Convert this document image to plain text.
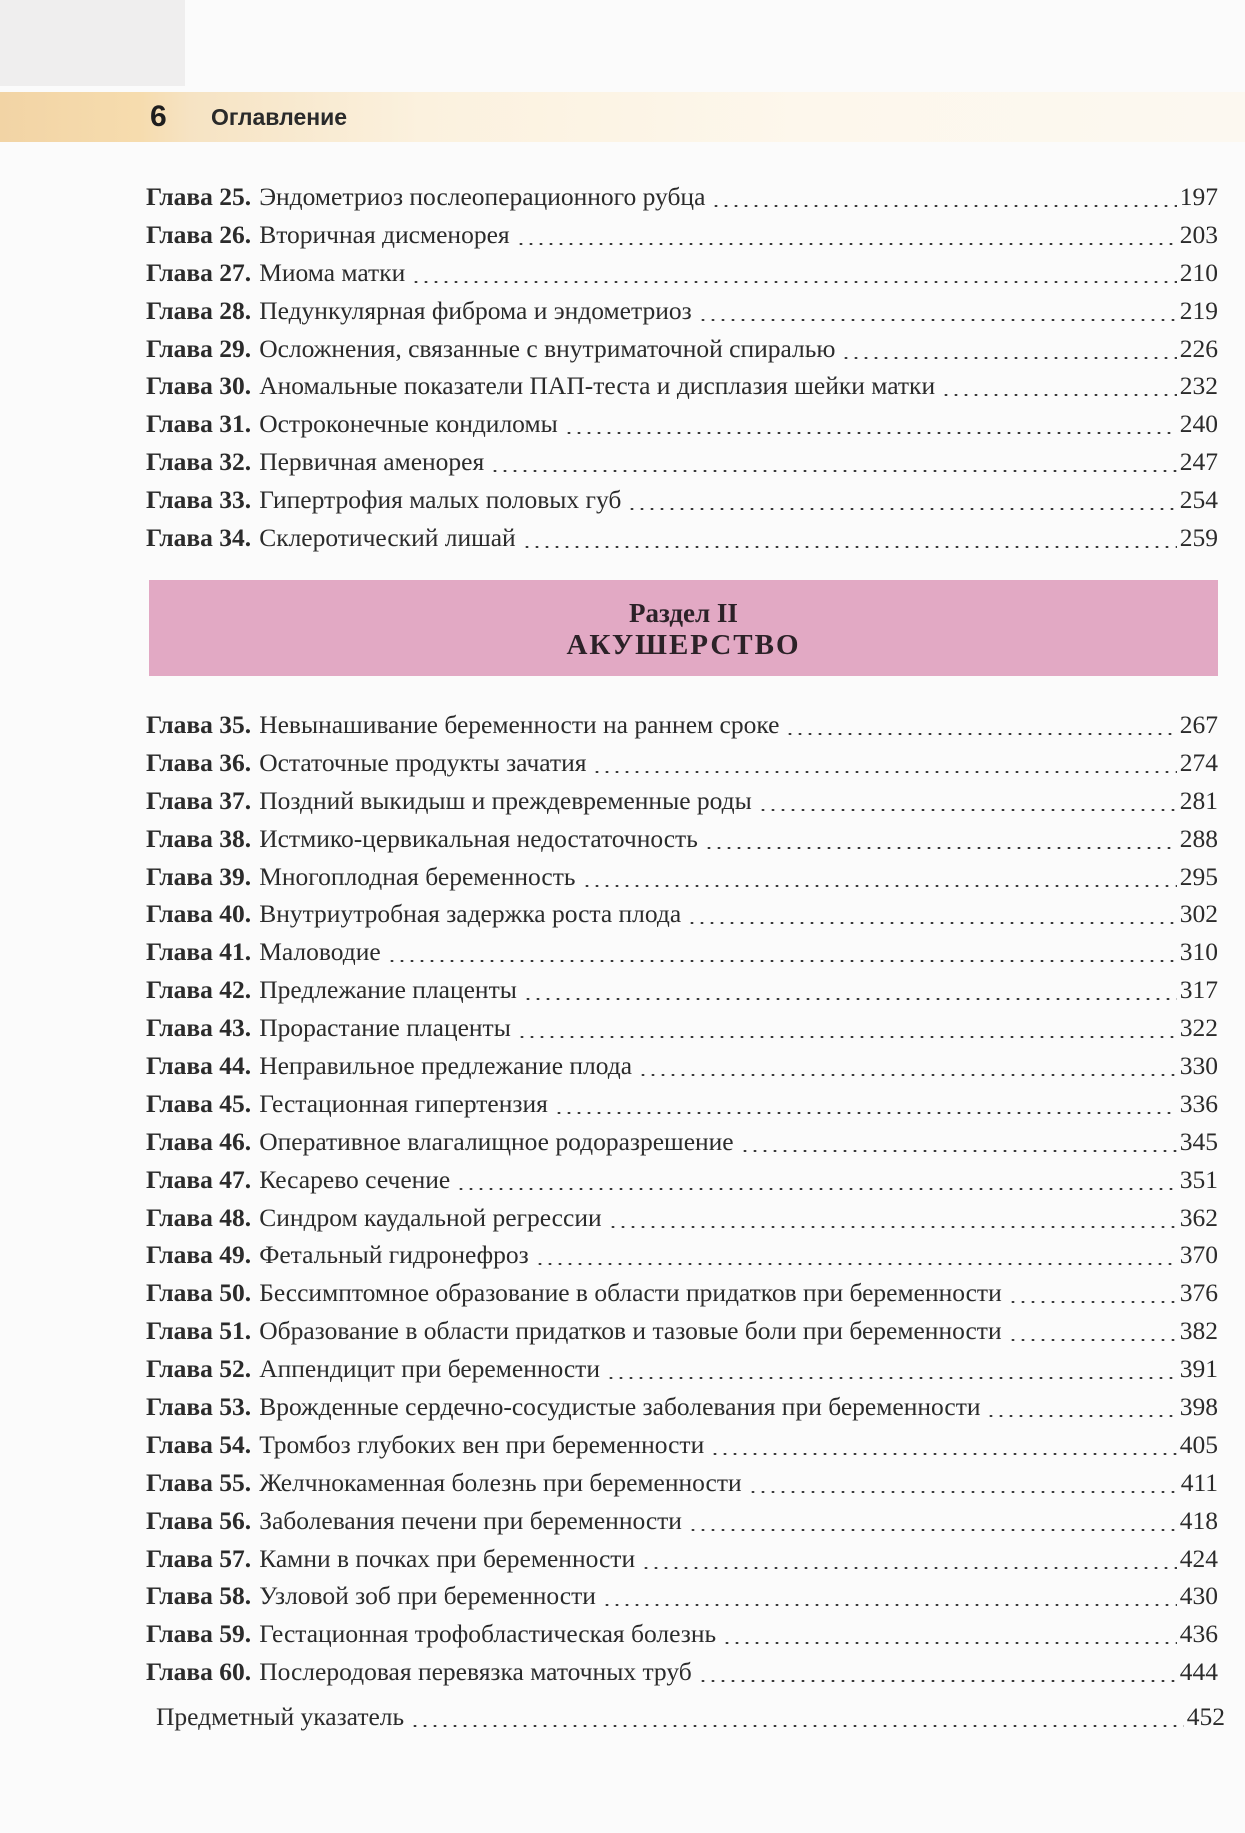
6 Оглавление
Глава 25. Эндометриоз послеоперационного рубца	197
Глава 26. Вторичная дисменорея	203
Глава 27. Миома матки	210
Глава 28. Педункулярная фиброма и эндометриоз	219
Глава 29. Осложнения, связанные с внутриматочной спиралью	226
Глава 30. Аномальные показатели ПАП-теста и дисплазия шейки матки	232
Глава 31. Остроконечные кондиломы	240
Глава 32. Первичная аменорея	247
Глава 33. Гипертрофия малых половых губ	254
Глава 34. Склеротический лишай	259
Раздел II
АКУШЕРСТВО
Глава 35. Невынашивание беременности на раннем сроке	267
Глава 36. Остаточные продукты зачатия	274
Глава 37. Поздний выкидыш и преждевременные роды	281
Глава 38. Истмико-цервикальная недостаточность	288
Глава 39. Многоплодная беременность	295
Глава 40. Внутриутробная задержка роста плода	302
Глава 41. Маловодие	310
Глава 42. Предлежание плаценты	317
Глава 43. Прорастание плаценты	322
Глава 44. Неправильное предлежание плода	330
Глава 45. Гестационная гипертензия	336
Глава 46. Оперативное влагалищное родоразрешение	345
Глава 47. Кесарево сечение	351
Глава 48. Синдром каудальной регрессии	362
Глава 49. Фетальный гидронефроз	370
Глава 50. Бессимптомное образование в области придатков при беременности	376
Глава 51. Образование в области придатков и тазовые боли при беременности	382
Глава 52. Аппендицит при беременности	391
Глава 53. Врожденные сердечно-сосудистые заболевания при беременности	398
Глава 54. Тромбоз глубоких вен при беременности	405
Глава 55. Желчнокаменная болезнь при беременности	411
Глава 56. Заболевания печени при беременности	418
Глава 57. Камни в почках при беременности	424
Глава 58. Узловой зоб при беременности	430
Глава 59. Гестационная трофобластическая болезнь	436
Глава 60. Послеродовая перевязка маточных труб	444
Предметный указатель	452
